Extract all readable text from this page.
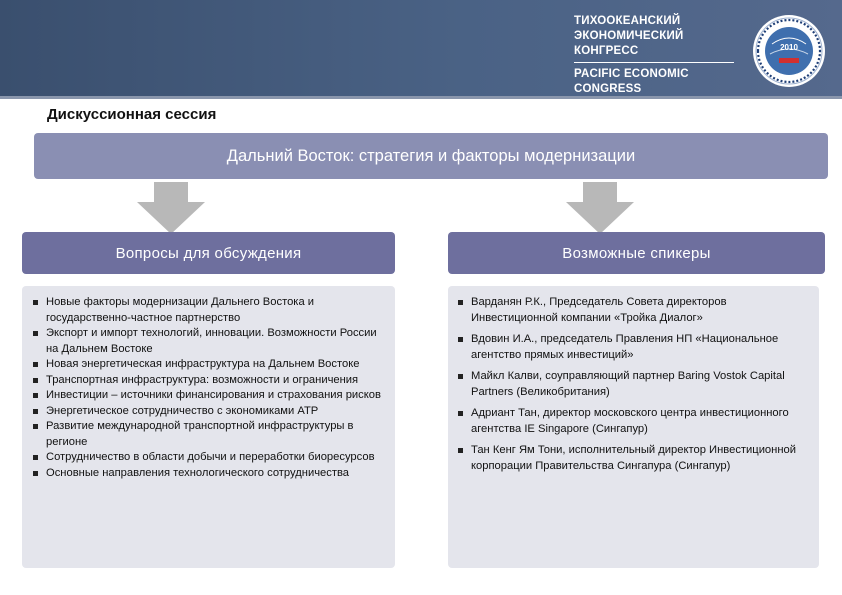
ТИХООКЕАНСКИЙ
ЭКОНОМИЧЕСКИЙ КОНГРЕСС
PACIFIC ECONOMIC
CONGRESS
2010
Дискуссионная сессия
Дальний Восток: стратегия и факторы модернизации
Вопросы для обсуждения	Возможные спикеры
Новые факторы модернизации Дальнего Востока и государственно-частное партнерство
Экспорт и импорт технологий, инновации. Возможности России на Дальнем Востоке
Новая энергетическая инфраструктура на Дальнем Востоке
Транспортная инфраструктура: возможности и ограничения
Инвестиции – источники финансирования и страхования рисков
Энергетическое сотрудничество с экономиками АТР
Развитие международной транспортной инфраструктуры в регионе
Сотрудничество в области добычи и переработки биоресурсов
Основные направления технологического сотрудничества
Варданян Р.К., Председатель Совета директоров Инвестиционной компании «Тройка Диалог»
Вдовин И.А., председатель Правления НП «Национальное агентство прямых инвестиций»
Майкл Калви, соуправляющий партнер Baring Vostok Capital Partners (Великобритания)
Адриант Тан, директор московского центра инвестиционного агентства IE Singapore (Сингапур)
Тан Кенг Ям Тони, исполнительный директор Инвестиционной корпорации Правительства Сингапура (Сингапур)
